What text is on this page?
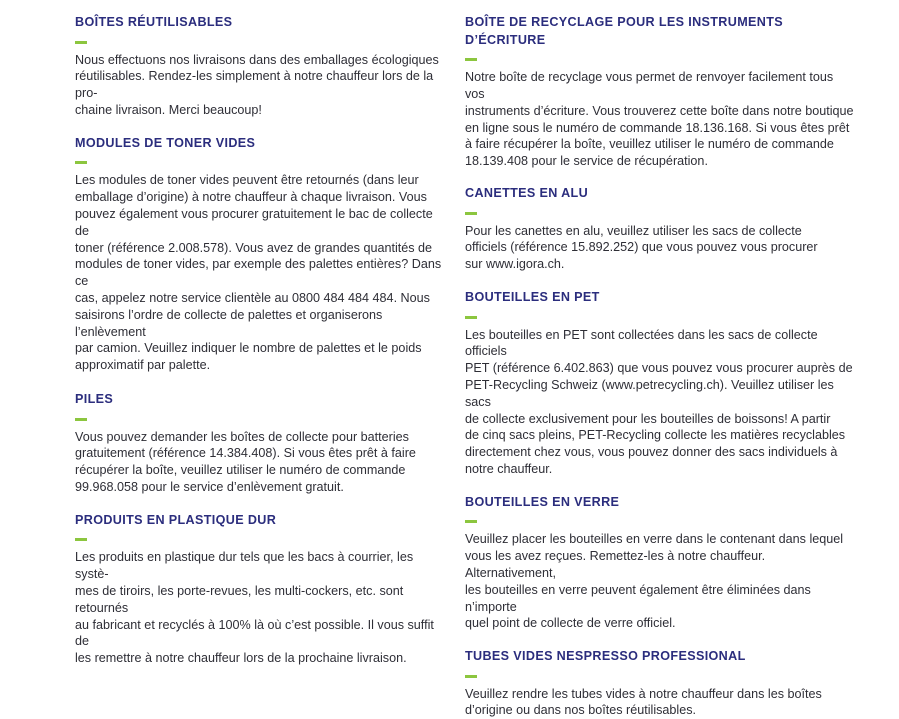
BOÎTES RÉUTILISABLES

Nous effectuons nos livraisons dans des emballages écologiques
réutilisables. Rendez-les simplement à notre chauffeur lors de la pro-
chaine livraison. Merci beaucoup!

MODULES DE TONER VIDES

Les modules de toner vides peuvent être retournés (dans leur
emballage d’origine) à notre chauffeur à chaque livraison. Vous
pouvez également vous procurer gratuitement le bac de collecte de
toner (référence 2.008.578). Vous avez de grandes quantités de
modules de toner vides, par exemple des palettes entières? Dans ce
cas, appelez notre service clientèle au 0800 484 484 484. Nous
saisirons l’ordre de collecte de palettes et organiserons l’enlèvement
par camion. Veuillez indiquer le nombre de palettes et le poids
approximatif par palette.

PILES

Vous pouvez demander les boîtes de collecte pour batteries
gratuitement (référence 14.384.408). Si vous êtes prêt à faire
récupérer la boîte, veuillez utiliser le numéro de commande
99.968.058 pour le service d’enlèvement gratuit.

PRODUITS EN PLASTIQUE DUR

Les produits en plastique dur tels que les bacs à courrier, les systè-
mes de tiroirs, les porte-revues, les multi-cockers, etc. sont retournés
au fabricant et recyclés à 100% là où c’est possible. Il vous suffit de
les remettre à notre chauffeur lors de la prochaine livraison.

BOÎTE DE RECYCLAGE POUR LES INSTRUMENTS
D’ÉCRITURE

Notre boîte de recyclage vous permet de renvoyer facilement tous vos
instruments d’écriture. Vous trouverez cette boîte dans notre boutique
en ligne sous le numéro de commande 18.136.168. Si vous êtes prêt
à faire récupérer la boîte, veuillez utiliser le numéro de commande
18.139.408 pour le service de récupération.

CANETTES EN ALU

Pour les canettes en alu, veuillez utiliser les sacs de collecte
officiels (référence 15.892.252) que vous pouvez vous procurer
sur www.igora.ch.

BOUTEILLES EN PET

Les bouteilles en PET sont collectées dans les sacs de collecte officiels
PET (référence 6.402.863) que vous pouvez vous procurer auprès de
PET-Recycling Schweiz (www.petrecycling.ch). Veuillez utiliser les sacs
de collecte exclusivement pour les bouteilles de boissons! A partir
de cinq sacs pleins, PET-Recycling collecte les matières recyclables
directement chez vous, vous pouvez donner des sacs individuels à
notre chauffeur.

BOUTEILLES EN VERRE

Veuillez placer les bouteilles en verre dans le contenant dans lequel
vous les avez reçues. Remettez-les à notre chauffeur. Alternativement,
les bouteilles en verre peuvent également être éliminées dans n’importe
quel point de collecte de verre officiel.

TUBES VIDES NESPRESSO PROFESSIONAL

Veuillez rendre les tubes vides à notre chauffeur dans les boîtes
d’origine ou dans nos boîtes réutilisables.
